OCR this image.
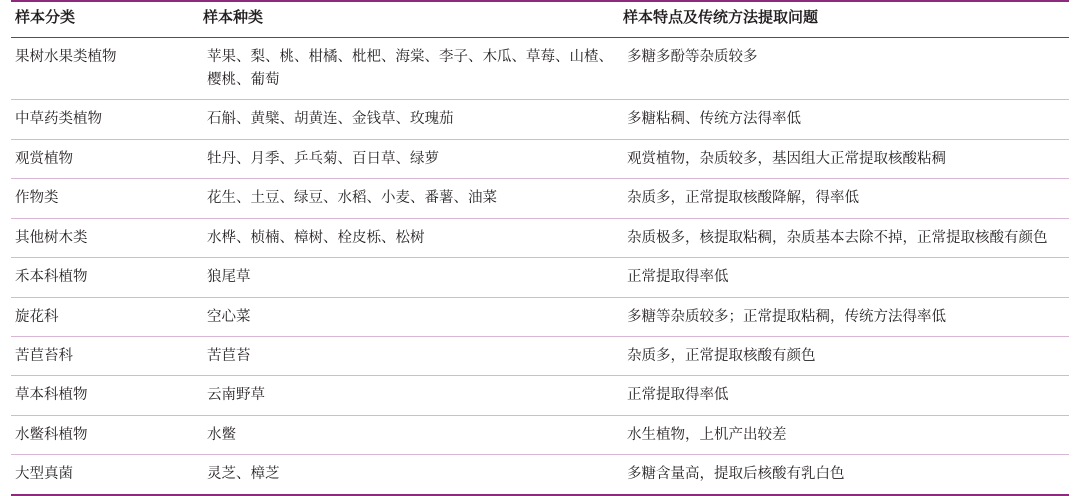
样本分类	样本种类	样本特点及传统方法提取问题
果树水果类植物	苹果、梨、桃、柑橘、枇杷、海棠、李子、木瓜、草莓、山楂、樱桃、葡萄	多糖多酚等杂质较多
中草药类植物	石斛、黄檗、胡黄连、金钱草、玫瑰茄	多糖粘稠、传统方法得率低
观赏植物	牡丹、月季、乒乓菊、百日草、绿萝	观赏植物，杂质较多，基因组大正常提取核酸粘稠
作物类	花生、土豆、绿豆、水稻、小麦、番薯、油菜	杂质多，正常提取核酸降解，得率低
其他树木类	水桦、桢楠、樟树、栓皮栎、松树	杂质极多，核提取粘稠，杂质基本去除不掉，正常提取核酸有颜色
禾本科植物	狼尾草	正常提取得率低
旋花科	空心菜	多糖等杂质较多；正常提取粘稠，传统方法得率低
苦苣苔科	苦苣苔	杂质多，正常提取核酸有颜色
草本科植物	云南野草	正常提取得率低
水鳖科植物	水鳖	水生植物，上机产出较差
大型真菌	灵芝、樟芝	多糖含量高，提取后核酸有乳白色
